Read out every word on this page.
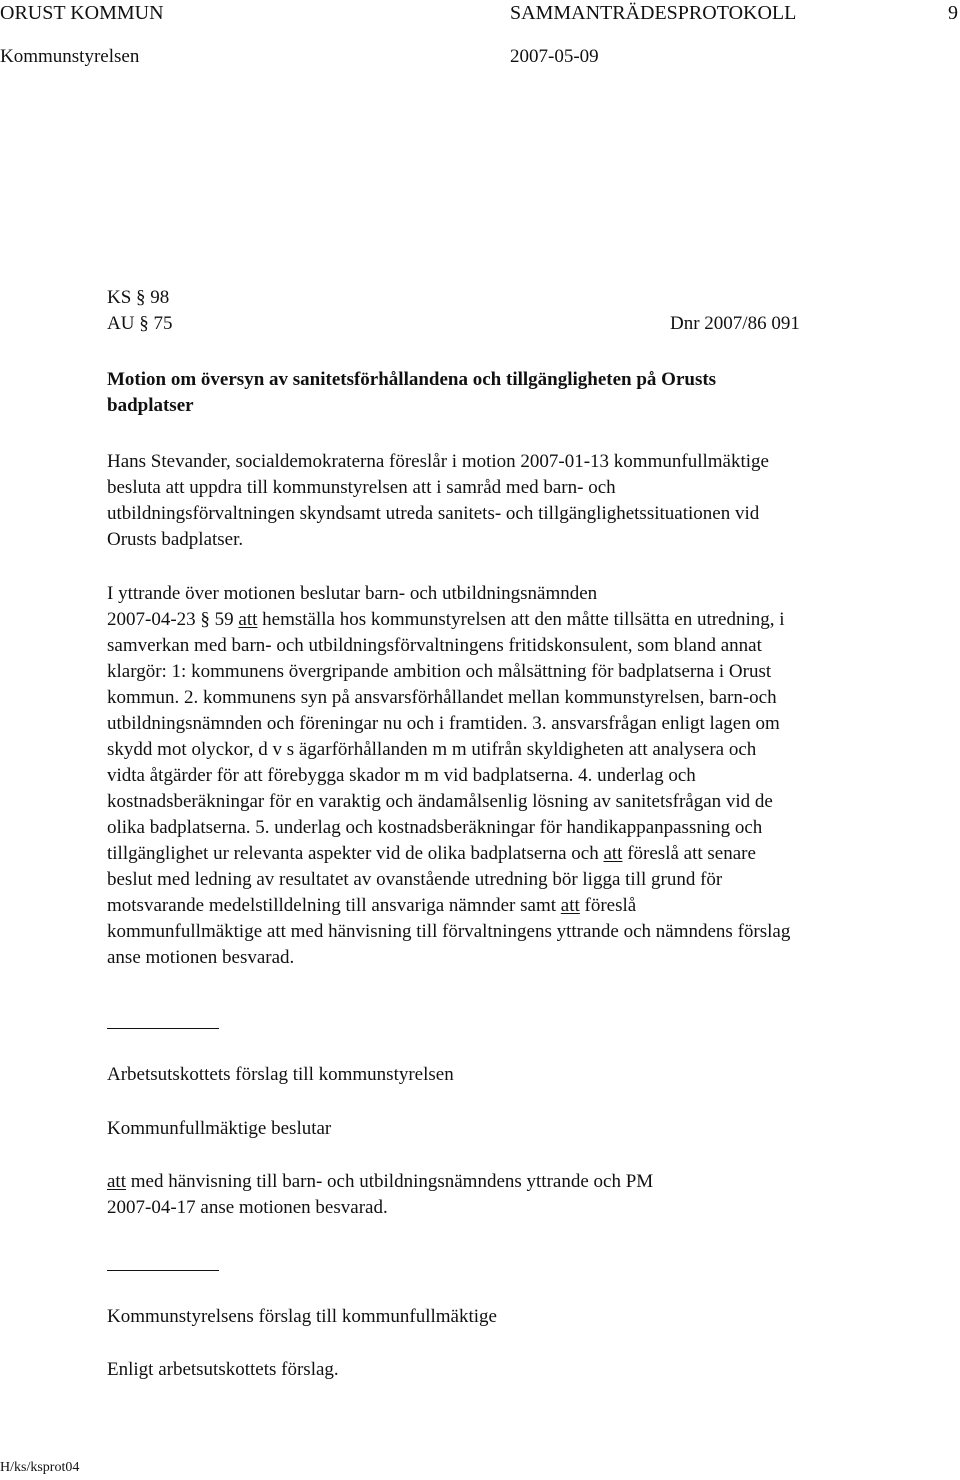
ORUST KOMMUN	SAMMANTRÄDESPROTOKOLL	9
Kommunstyrelsen	2007-05-09
KS § 98
AU § 75	Dnr 2007/86 091
Motion om översyn av sanitetsförhållandena och tillgängligheten på Orusts
badplatser
Hans Stevander, socialdemokraterna föreslår i motion 2007-01-13 kommunfullmäktige
besluta att uppdra till kommunstyrelsen att i samråd med barn- och
utbildningsförvaltningen skyndsamt utreda sanitets- och tillgänglighetssituationen vid
Orusts badplatser.
I yttrande över motionen beslutar barn- och utbildningsnämnden
2007-04-23 § 59 att hemställa hos kommunstyrelsen att den måtte tillsätta en utredning, i
samverkan med barn- och utbildningsförvaltningens fritidskonsulent, som bland annat
klargör: 1: kommunens övergripande ambition och målsättning för badplatserna i Orust
kommun. 2. kommunens syn på ansvarsförhållandet mellan kommunstyrelsen, barn-och
utbildningsnämnden och föreningar nu och i framtiden. 3. ansvarsfrågan enligt lagen om
skydd mot olyckor, d v s ägarförhållanden m m utifrån skyldigheten att analysera och
vidta åtgärder för att förebygga skador m m vid badplatserna. 4. underlag och
kostnadsberäkningar för en varaktig och ändamålsenlig lösning av sanitetsfrågan vid de
olika badplatserna. 5. underlag och kostnadsberäkningar för handikappanpassning och
tillgänglighet ur relevanta aspekter vid de olika badplatserna och att föreslå att senare
beslut med ledning av resultatet av ovanstående utredning bör ligga till grund för
motsvarande medelstilldelning till ansvariga nämnder samt att föreslå
kommunfullmäktige att med hänvisning till förvaltningens yttrande och nämndens förslag
anse motionen besvarad.
Arbetsutskottets förslag till kommunstyrelsen
Kommunfullmäktige beslutar
att med hänvisning till barn- och utbildningsnämndens yttrande och PM
2007-04-17 anse motionen besvarad.
Kommunstyrelsens förslag till kommunfullmäktige
Enligt arbetsutskottets förslag.
H/ks/ksprot04
